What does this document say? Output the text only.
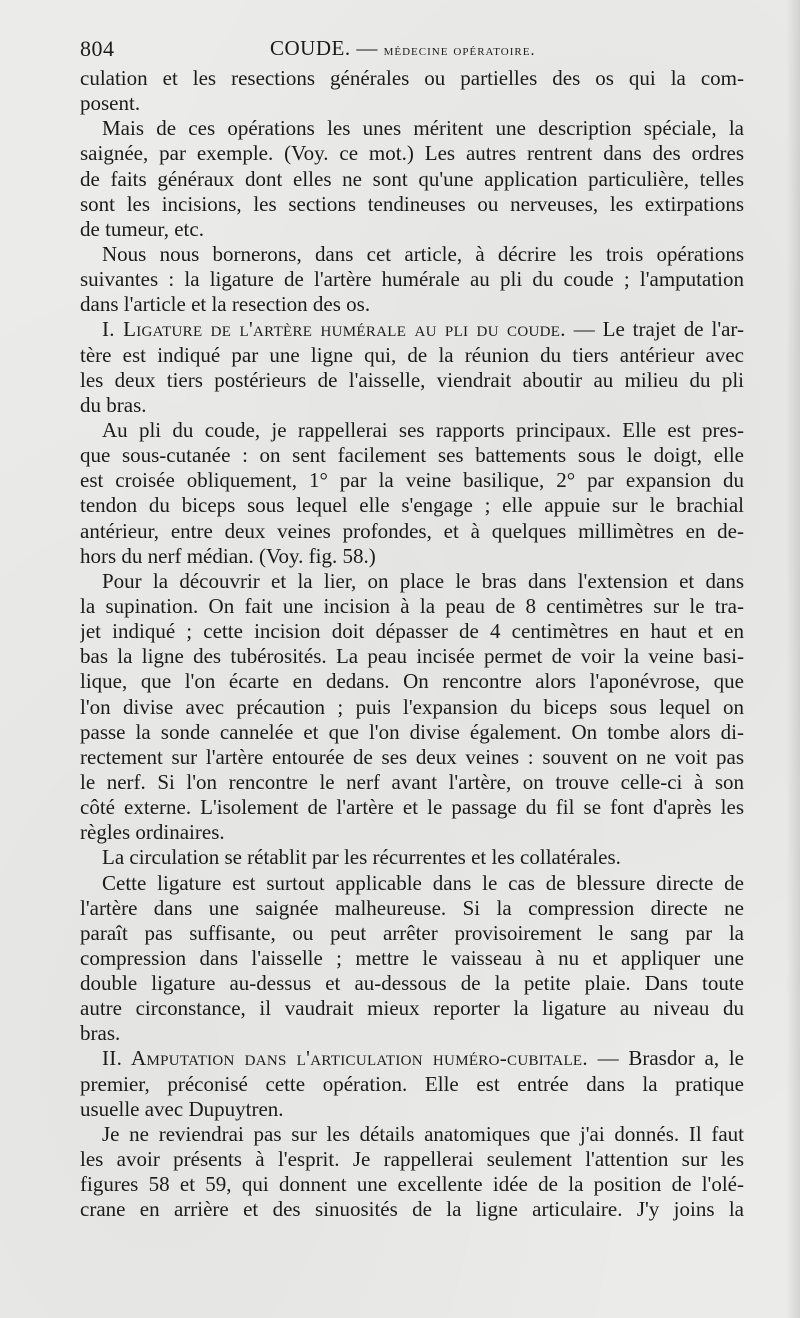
804	COUDE. — médecine opératoire.
culation et les resections générales ou partielles des os qui la com-
posent.
Mais de ces opérations les unes méritent une description spéciale, la
saignée, par exemple. (Voy. ce mot.) Les autres rentrent dans des ordres
de faits généraux dont elles ne sont qu'une application particulière, telles
sont les incisions, les sections tendineuses ou nerveuses, les extirpations
de tumeur, etc.
Nous nous bornerons, dans cet article, à décrire les trois opérations
suivantes : la ligature de l'artère humérale au pli du coude ; l'amputation
dans l'article et la resection des os.
I. Ligature de l'artère humérale au pli du coude. — Le trajet de l'ar-
tère est indiqué par une ligne qui, de la réunion du tiers antérieur avec
les deux tiers postérieurs de l'aisselle, viendrait aboutir au milieu du pli
du bras.
Au pli du coude, je rappellerai ses rapports principaux. Elle est pres-
que sous-cutanée : on sent facilement ses battements sous le doigt, elle
est croisée obliquement, 1° par la veine basilique, 2° par expansion du
tendon du biceps sous lequel elle s'engage ; elle appuie sur le brachial
antérieur, entre deux veines profondes, et à quelques millimètres en de-
hors du nerf médian. (Voy. fig. 58.)
Pour la découvrir et la lier, on place le bras dans l'extension et dans
la supination. On fait une incision à la peau de 8 centimètres sur le tra-
jet indiqué ; cette incision doit dépasser de 4 centimètres en haut et en
bas la ligne des tubérosités. La peau incisée permet de voir la veine basi-
lique, que l'on écarte en dedans. On rencontre alors l'aponévrose, que
l'on divise avec précaution ; puis l'expansion du biceps sous lequel on
passe la sonde cannelée et que l'on divise également. On tombe alors di-
rectement sur l'artère entourée de ses deux veines : souvent on ne voit pas
le nerf. Si l'on rencontre le nerf avant l'artère, on trouve celle-ci à son
côté externe. L'isolement de l'artère et le passage du fil se font d'après les
règles ordinaires.
La circulation se rétablit par les récurrentes et les collatérales.
Cette ligature est surtout applicable dans le cas de blessure directe de
l'artère dans une saignée malheureuse. Si la compression directe ne
paraît pas suffisante, ou peut arrêter provisoirement le sang par la
compression dans l'aisselle ; mettre le vaisseau à nu et appliquer une
double ligature au-dessus et au-dessous de la petite plaie. Dans toute
autre circonstance, il vaudrait mieux reporter la ligature au niveau du
bras.
II. Amputation dans l'articulation huméro-cubitale. — Brasdor a, le
premier, préconisé cette opération. Elle est entrée dans la pratique
usuelle avec Dupuytren.
Je ne reviendrai pas sur les détails anatomiques que j'ai donnés. Il faut
les avoir présents à l'esprit. Je rappellerai seulement l'attention sur les
figures 58 et 59, qui donnent une excellente idée de la position de l'olé-
crane en arrière et des sinuosités de la ligne articulaire. J'y joins la
